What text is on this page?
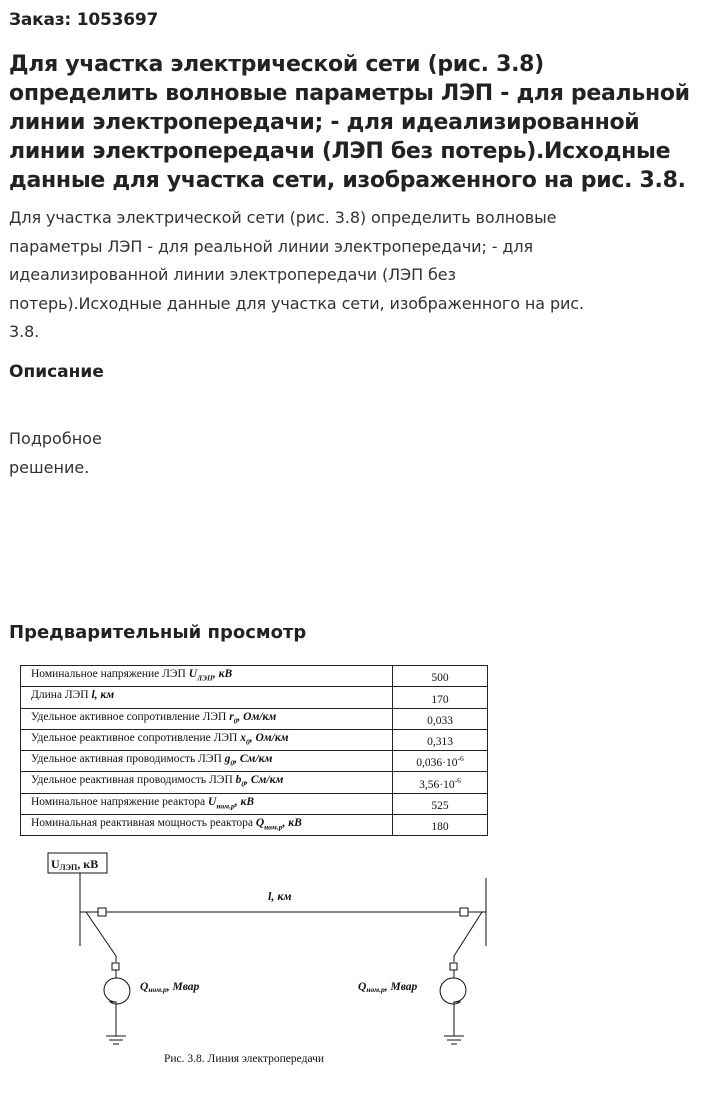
Заказ: 1053697
Для участка электрической сети (рис. 3.8) определить волновые параметры ЛЭП - для реальной линии электропередачи; - для идеализированной линии электропередачи (ЛЭП без потерь).Исходные данные для участка сети, изображенного на рис. 3.8.
Для участка электрической сети (рис. 3.8) определить волновые
параметры ЛЭП - для реальной линии электропередачи; - для
идеализированной линии электропередачи (ЛЭП без
потерь).Исходные данные для участка сети, изображенного на рис.
3.8.
Описание
Подробное решение.
Предварительный просмотр
Номинальное напряжение ЛЭП $U_{ЛЭП}$, кВ	500
Длина ЛЭП l, км	170
Удельное активное сопротивление ЛЭП $r_0$, Ом/км	0,033
Удельное реактивное сопротивление ЛЭП $x_0$, Ом/км	0,313
Удельное активная проводимость ЛЭП $g_0$, См/км	$0,036\cdot 10^{-6}$
Удельное реактивная проводимость ЛЭП $b_0$, См/км	$3,56\cdot 10^{-6}$
Номинальное напряжение реактора $U_{ном.р}$, кВ	525
Номинальная реактивная мощность реактора $Q_{ном.р}$, кВ	180
UЛЭП, кВ
l, км
Qном.р, Мвар	Qном.р, Мвар
Рис. 3.8. Линия электропередачи
